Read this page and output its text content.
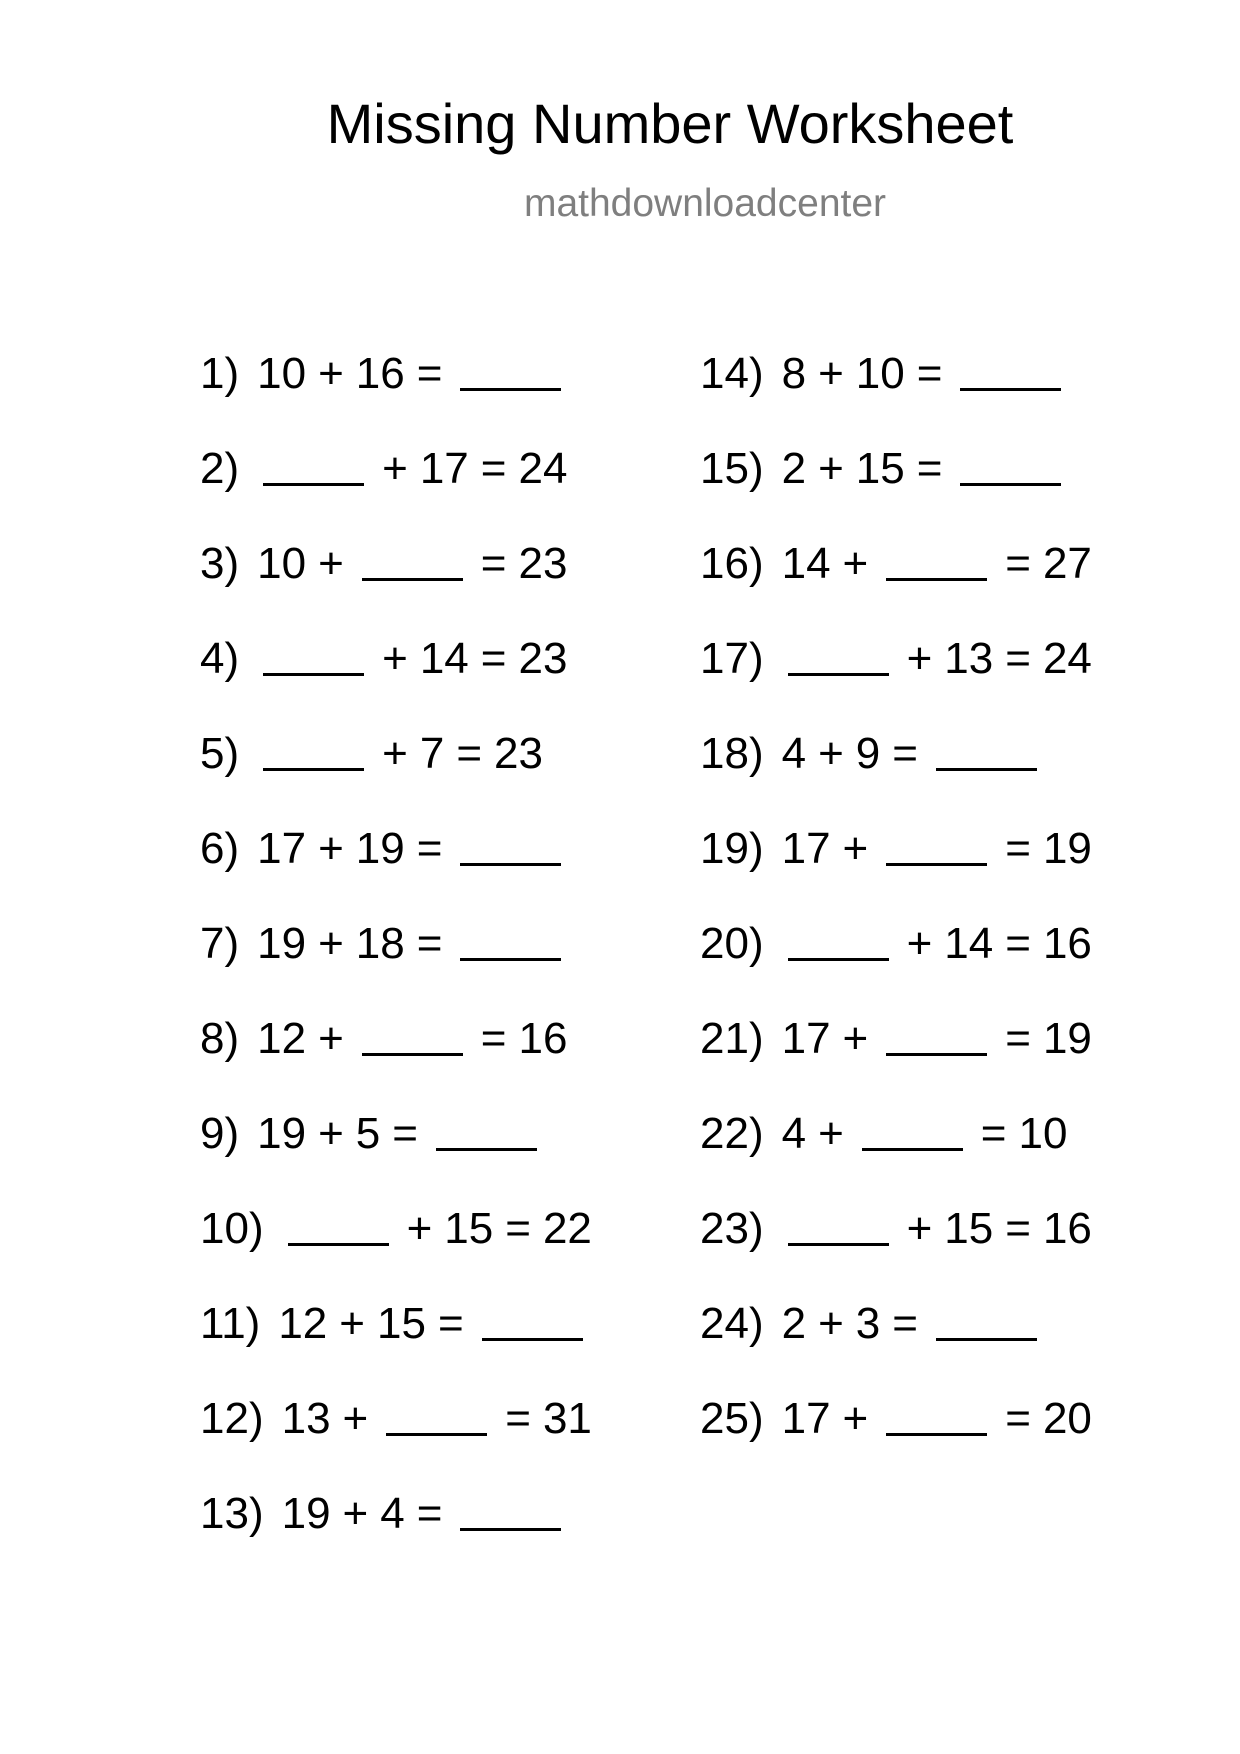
Missing Number Worksheet
mathdownloadcenter
1) 10 + 16 =
2)	+ 17 = 24
3) 10 +	= 23
4)	+ 14 = 23
5)	+ 7 = 23
6) 17 + 19 =
7) 19 + 18 =
8) 12 +	= 16
9) 19 + 5 =
10)	+ 15 = 22
11) 12 + 15 =
12) 13 +	= 31
13) 19 + 4 =
14) 8 + 10 =
15) 2 + 15 =
16) 14 +	= 27
17)	+ 13 = 24
18) 4 + 9 =
19) 17 +	= 19
20)	+ 14 = 16
21) 17 +	= 19
22) 4 +	= 10
23)	+ 15 = 16
24) 2 + 3 =
25) 17 +	= 20
